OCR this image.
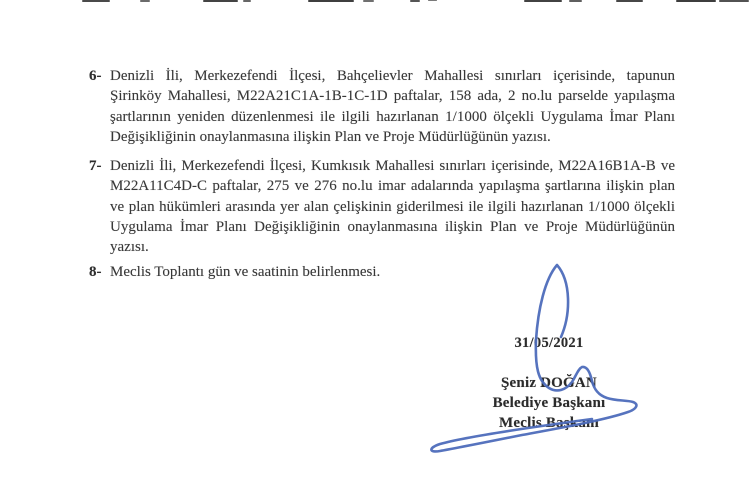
6- Denizli İli, Merkezefendi İlçesi, Bahçelievler Mahallesi sınırları içerisinde, tapunun
Şirinköy Mahallesi, M22A21C1A-1B-1C-1D paftalar, 158 ada, 2 no.lu parselde yapılaşma
şartlarının yeniden düzenlenmesi ile ilgili hazırlanan 1/1000 ölçekli Uygulama İmar Planı
Değişikliğinin onaylanmasına ilişkin Plan ve Proje Müdürlüğünün yazısı.
7- Denizli İli, Merkezefendi İlçesi, Kumkısık Mahallesi sınırları içerisinde, M22A16B1A-B ve
M22A11C4D-C paftalar, 275 ve 276 no.lu imar adalarında yapılaşma şartlarına ilişkin plan
ve plan hükümleri arasında yer alan çelişkinin giderilmesi ile ilgili hazırlanan 1/1000 ölçekli
Uygulama İmar Planı Değişikliğinin onaylanmasına ilişkin Plan ve Proje Müdürlüğünün
yazısı.
8- Meclis Toplantı gün ve saatinin belirlenmesi.
31/05/2021
Şeniz DOĞAN
Belediye Başkanı
Meclis Başkanı
